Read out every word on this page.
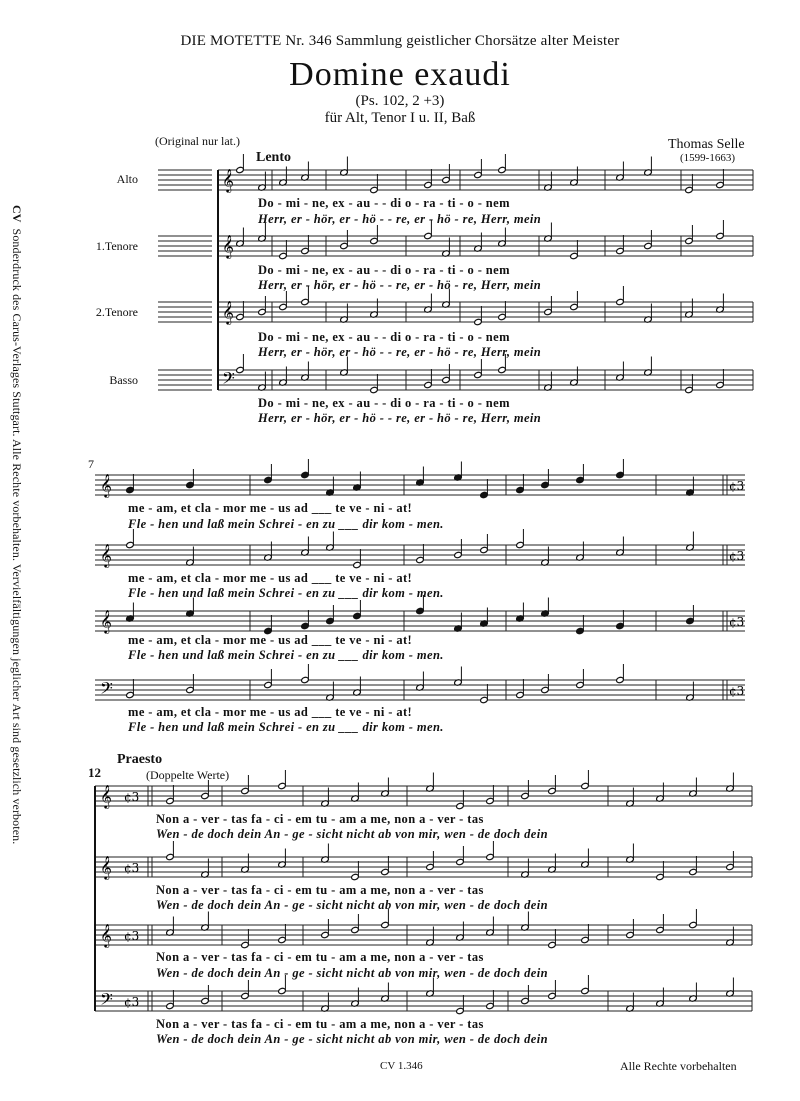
DIE MOTETTE Nr. 346 Sammlung geistlicher Chorsätze alter Meister
Domine exaudi
(Ps. 102, 2 +3)
für Alt, Tenor I u. II, Baß
(Original nur lat.)	Thomas Selle
(1599-1663)
CVSonderdruck des Carus-Verlages Stuttgart. Alle Rechte vorbehalten. Vervielfältigungen jeglicher Art sind gesetzlich verboten.
Lento
7
Praesto
12	(Doppelte Werte)
Alto
1.Tenore
2.Tenore
Basso
𝄞
𝄞
𝄞
𝄢
𝄞	¢3
𝄞	¢3
𝄞	¢3
𝄢	¢3
𝄞 ¢3
𝄞 ¢3
𝄞 ¢3
𝄢 ¢3
Do - mi - ne, ex - au - - di o - ra - ti - o - nem
Herr, er - hör, er - hö - - re, er - hö - re, Herr, mein
Do - mi - ne, ex - au - - di o - ra - ti - o - nem
Herr, er - hör, er - hö - - re, er - hö - re, Herr, mein
Do - mi - ne, ex - au - - di o - ra - ti - o - nem
Herr, er - hör, er - hö - - re, er - hö - re, Herr, mein
Do - mi - ne, ex - au - - di o - ra - ti - o - nem
Herr, er - hör, er - hö - - re, er - hö - re, Herr, mein
me - am, et cla - mor me - us ad ___ te ve - ni - at!
Fle - hen und laß mein Schrei - en zu ___ dir kom - men.
me - am, et cla - mor me - us ad ___ te ve - ni - at!
Fle - hen und laß mein Schrei - en zu ___ dir kom - men.
me - am, et cla - mor me - us ad ___ te ve - ni - at!
Fle - hen und laß mein Schrei - en zu ___ dir kom - men.
me - am, et cla - mor me - us ad ___ te ve - ni - at!
Fle - hen und laß mein Schrei - en zu ___ dir kom - men.
Non a - ver - tas fa - ci - em tu - am a me, non a - ver - tas
Wen - de doch dein An - ge - sicht nicht ab von mir, wen - de doch dein
Non a - ver - tas fa - ci - em tu - am a me, non a - ver - tas
Wen - de doch dein An - ge - sicht nicht ab von mir, wen - de doch dein
Non a - ver - tas fa - ci - em tu - am a me, non a - ver - tas
Wen - de doch dein An - ge - sicht nicht ab von mir, wen - de doch dein
Non a - ver - tas fa - ci - em tu - am a me, non a - ver - tas
Wen - de doch dein An - ge - sicht nicht ab von mir, wen - de doch dein
CV 1.346	Alle Rechte vorbehalten
